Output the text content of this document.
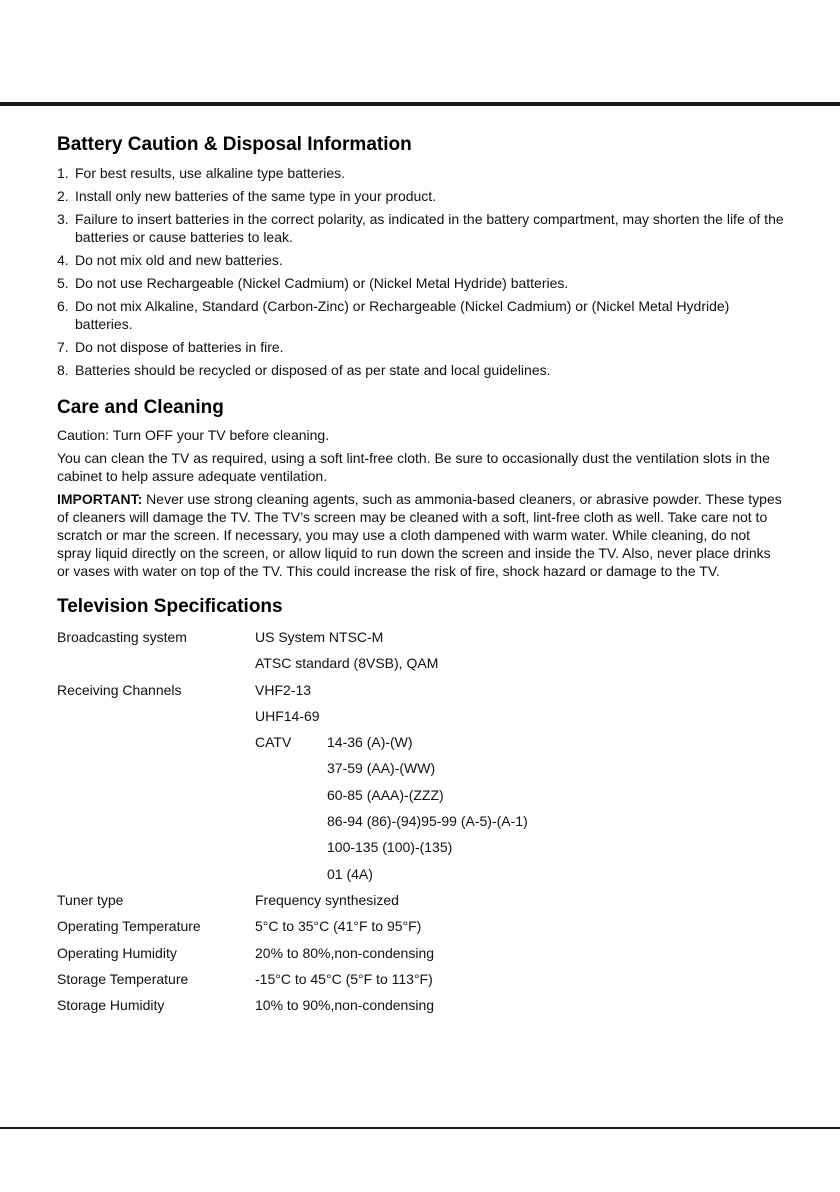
Battery Caution & Disposal Information
1. For best results, use alkaline type batteries.
2. Install only new batteries of the same type in your product.
3. Failure to insert batteries in the correct polarity, as indicated in the battery compartment, may shorten the life of the batteries or cause batteries to leak.
4. Do not mix old and new batteries.
5. Do not use Rechargeable (Nickel Cadmium) or (Nickel Metal Hydride) batteries.
6. Do not mix Alkaline, Standard (Carbon-Zinc) or Rechargeable (Nickel Cadmium) or (Nickel Metal Hydride) batteries.
7. Do not dispose of batteries in fire.
8. Batteries should be recycled or disposed of as per state and local guidelines.
Care and Cleaning

Caution: Turn OFF your TV before cleaning.

You can clean the TV as required, using a soft lint-free cloth. Be sure to occasionally dust the ventilation slots in the cabinet to help assure adequate ventilation.

IMPORTANT: Never use strong cleaning agents, such as ammonia-based cleaners, or abrasive powder. These types of cleaners will damage the TV. The TV’s screen may be cleaned with a soft, lint-free cloth as well. Take care not to scratch or mar the screen. If necessary, you may use a cloth dampened with warm water. While cleaning, do not spray liquid directly on the screen, or allow liquid to run down the screen and inside the TV. Also, never place drinks or vases with water on top of the TV. This could increase the risk of fire, shock hazard or damage to the TV.

Television Specifications
Broadcasting system	US System NTSC-M
ATSC standard (8VSB), QAM
Receiving Channels	VHF2-13
UHF14-69
CATV	14-36 (A)-(W)
37-59 (AA)-(WW)
60-85 (AAA)-(ZZZ)
86-94 (86)-(94)95-99 (A-5)-(A-1)
100-135 (100)-(135)
01 (4A)
Tuner type	Frequency synthesized
Operating Temperature	5°C to 35°C (41°F to 95°F)
Operating Humidity	20% to 80%,non-condensing
Storage Temperature	-15°C to 45°C (5°F to 113°F)
Storage Humidity	10% to 90%,non-condensing
